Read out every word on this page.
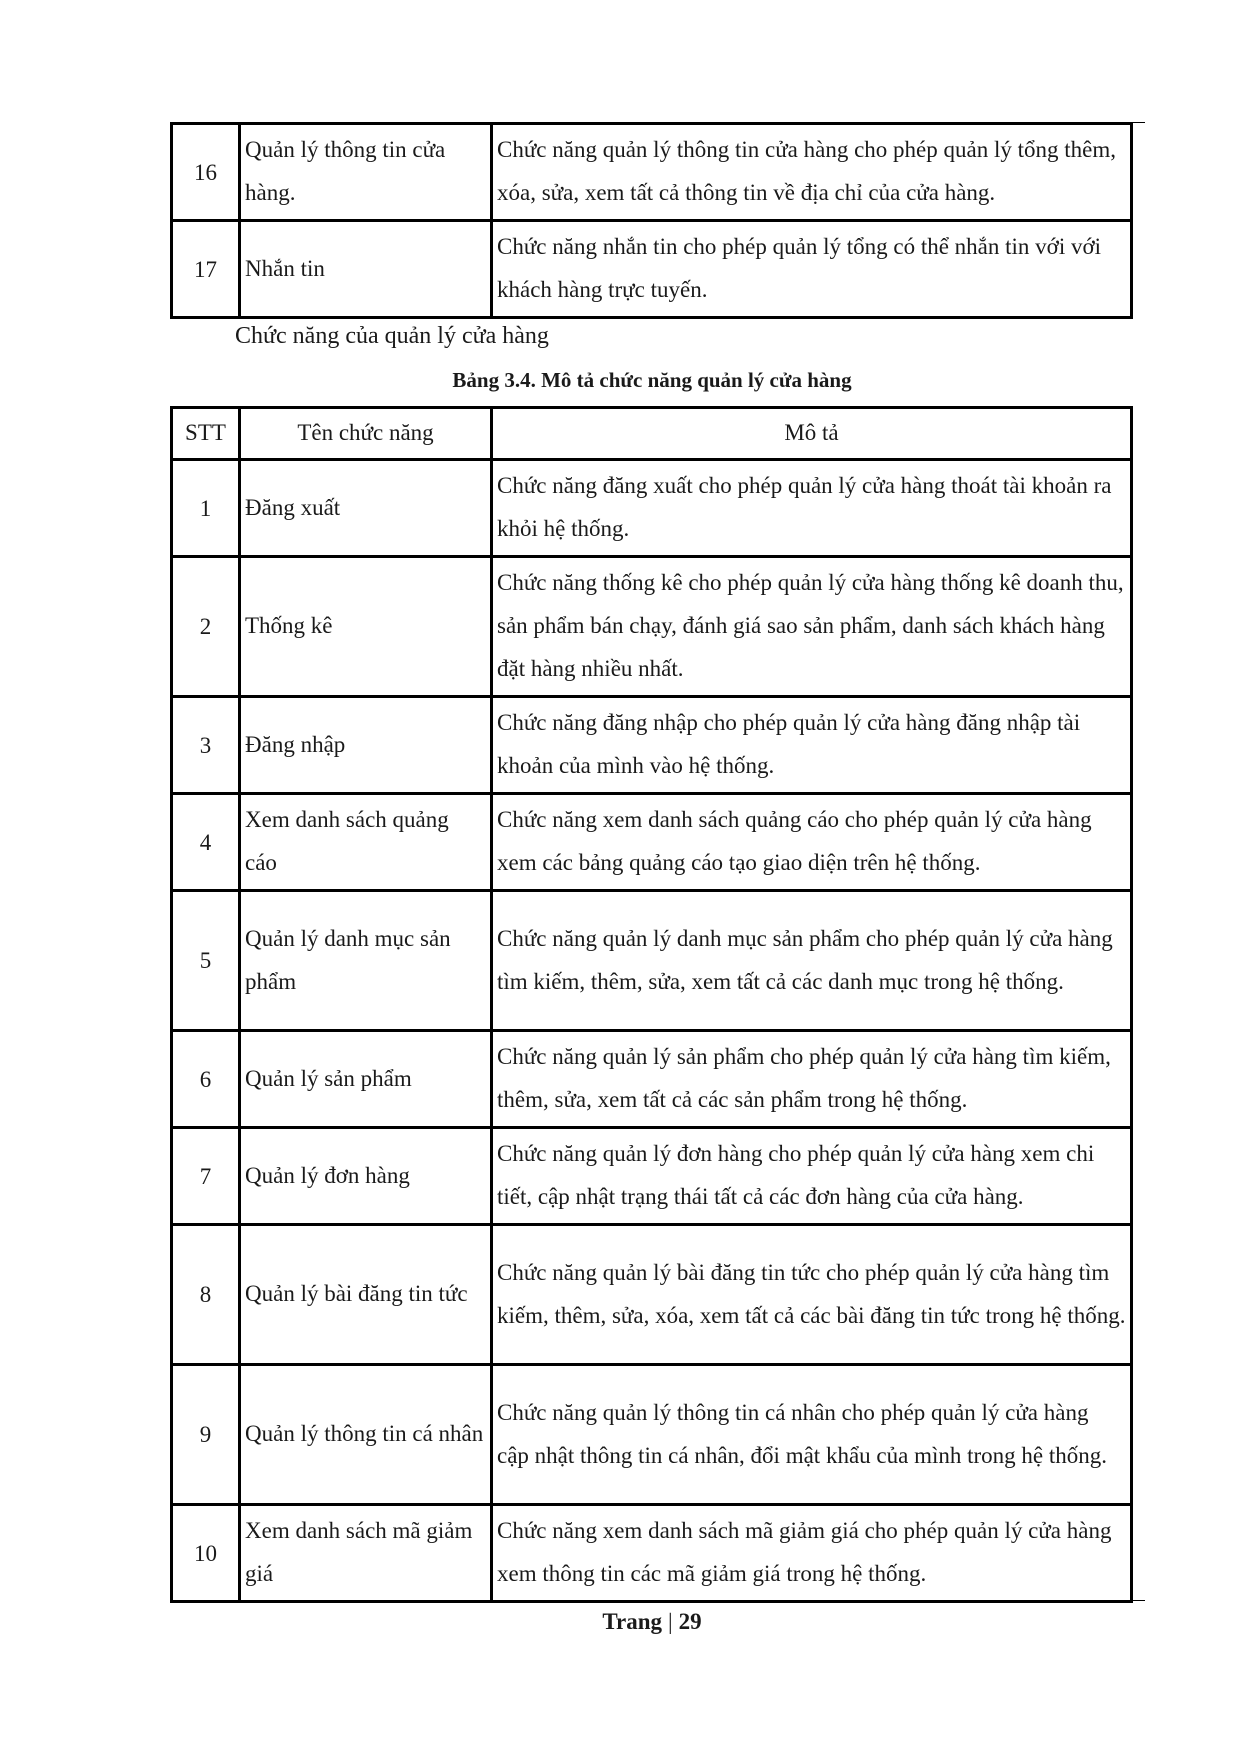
16	Quản lý thông tin cửa hàng.	Chức năng quản lý thông tin cửa hàng cho phép quản lý tổng thêm, xóa, sửa, xem tất cả thông tin về địa chỉ của cửa hàng.
17	Nhắn tin	Chức năng nhắn tin cho phép quản lý tổng có thể nhắn tin với với khách hàng trực tuyến.
Chức năng của quản lý cửa hàng
Bảng 3.4. Mô tả chức năng quản lý cửa hàng
STT	Tên chức năng	Mô tả
1	Đăng xuất	Chức năng đăng xuất cho phép quản lý cửa hàng thoát tài khoản ra khỏi hệ thống.
2	Thống kê	Chức năng thống kê cho phép quản lý cửa hàng thống kê doanh thu, sản phẩm bán chạy, đánh giá sao sản phẩm, danh sách khách hàng đặt hàng nhiều nhất.
3	Đăng nhập	Chức năng đăng nhập cho phép quản lý cửa hàng đăng nhập tài khoản của mình vào hệ thống.
4	Xem danh sách quảng cáo	Chức năng xem danh sách quảng cáo cho phép quản lý cửa hàng xem các bảng quảng cáo tạo giao diện trên hệ thống.
5	Quản lý danh mục sản phẩm	Chức năng quản lý danh mục sản phẩm cho phép quản lý cửa hàng tìm kiếm, thêm, sửa, xem tất cả các danh mục trong hệ thống.
6	Quản lý sản phẩm	Chức năng quản lý sản phẩm cho phép quản lý cửa hàng tìm kiếm, thêm, sửa, xem tất cả các sản phẩm trong hệ thống.
7	Quản lý đơn hàng	Chức năng quản lý đơn hàng cho phép quản lý cửa hàng xem chi tiết, cập nhật trạng thái tất cả các đơn hàng của cửa hàng.
8	Quản lý bài đăng tin tức	Chức năng quản lý bài đăng tin tức cho phép quản lý cửa hàng tìm kiếm, thêm, sửa, xóa, xem tất cả các bài đăng tin tức trong hệ thống.
9	Quản lý thông tin cá nhân	Chức năng quản lý thông tin cá nhân cho phép quản lý cửa hàng cập nhật thông tin cá nhân, đổi mật khẩu của mình trong hệ thống.
10	Xem danh sách mã giảm giá	Chức năng xem danh sách mã giảm giá cho phép quản lý cửa hàng xem thông tin các mã giảm giá trong hệ thống.
Trang | 29
